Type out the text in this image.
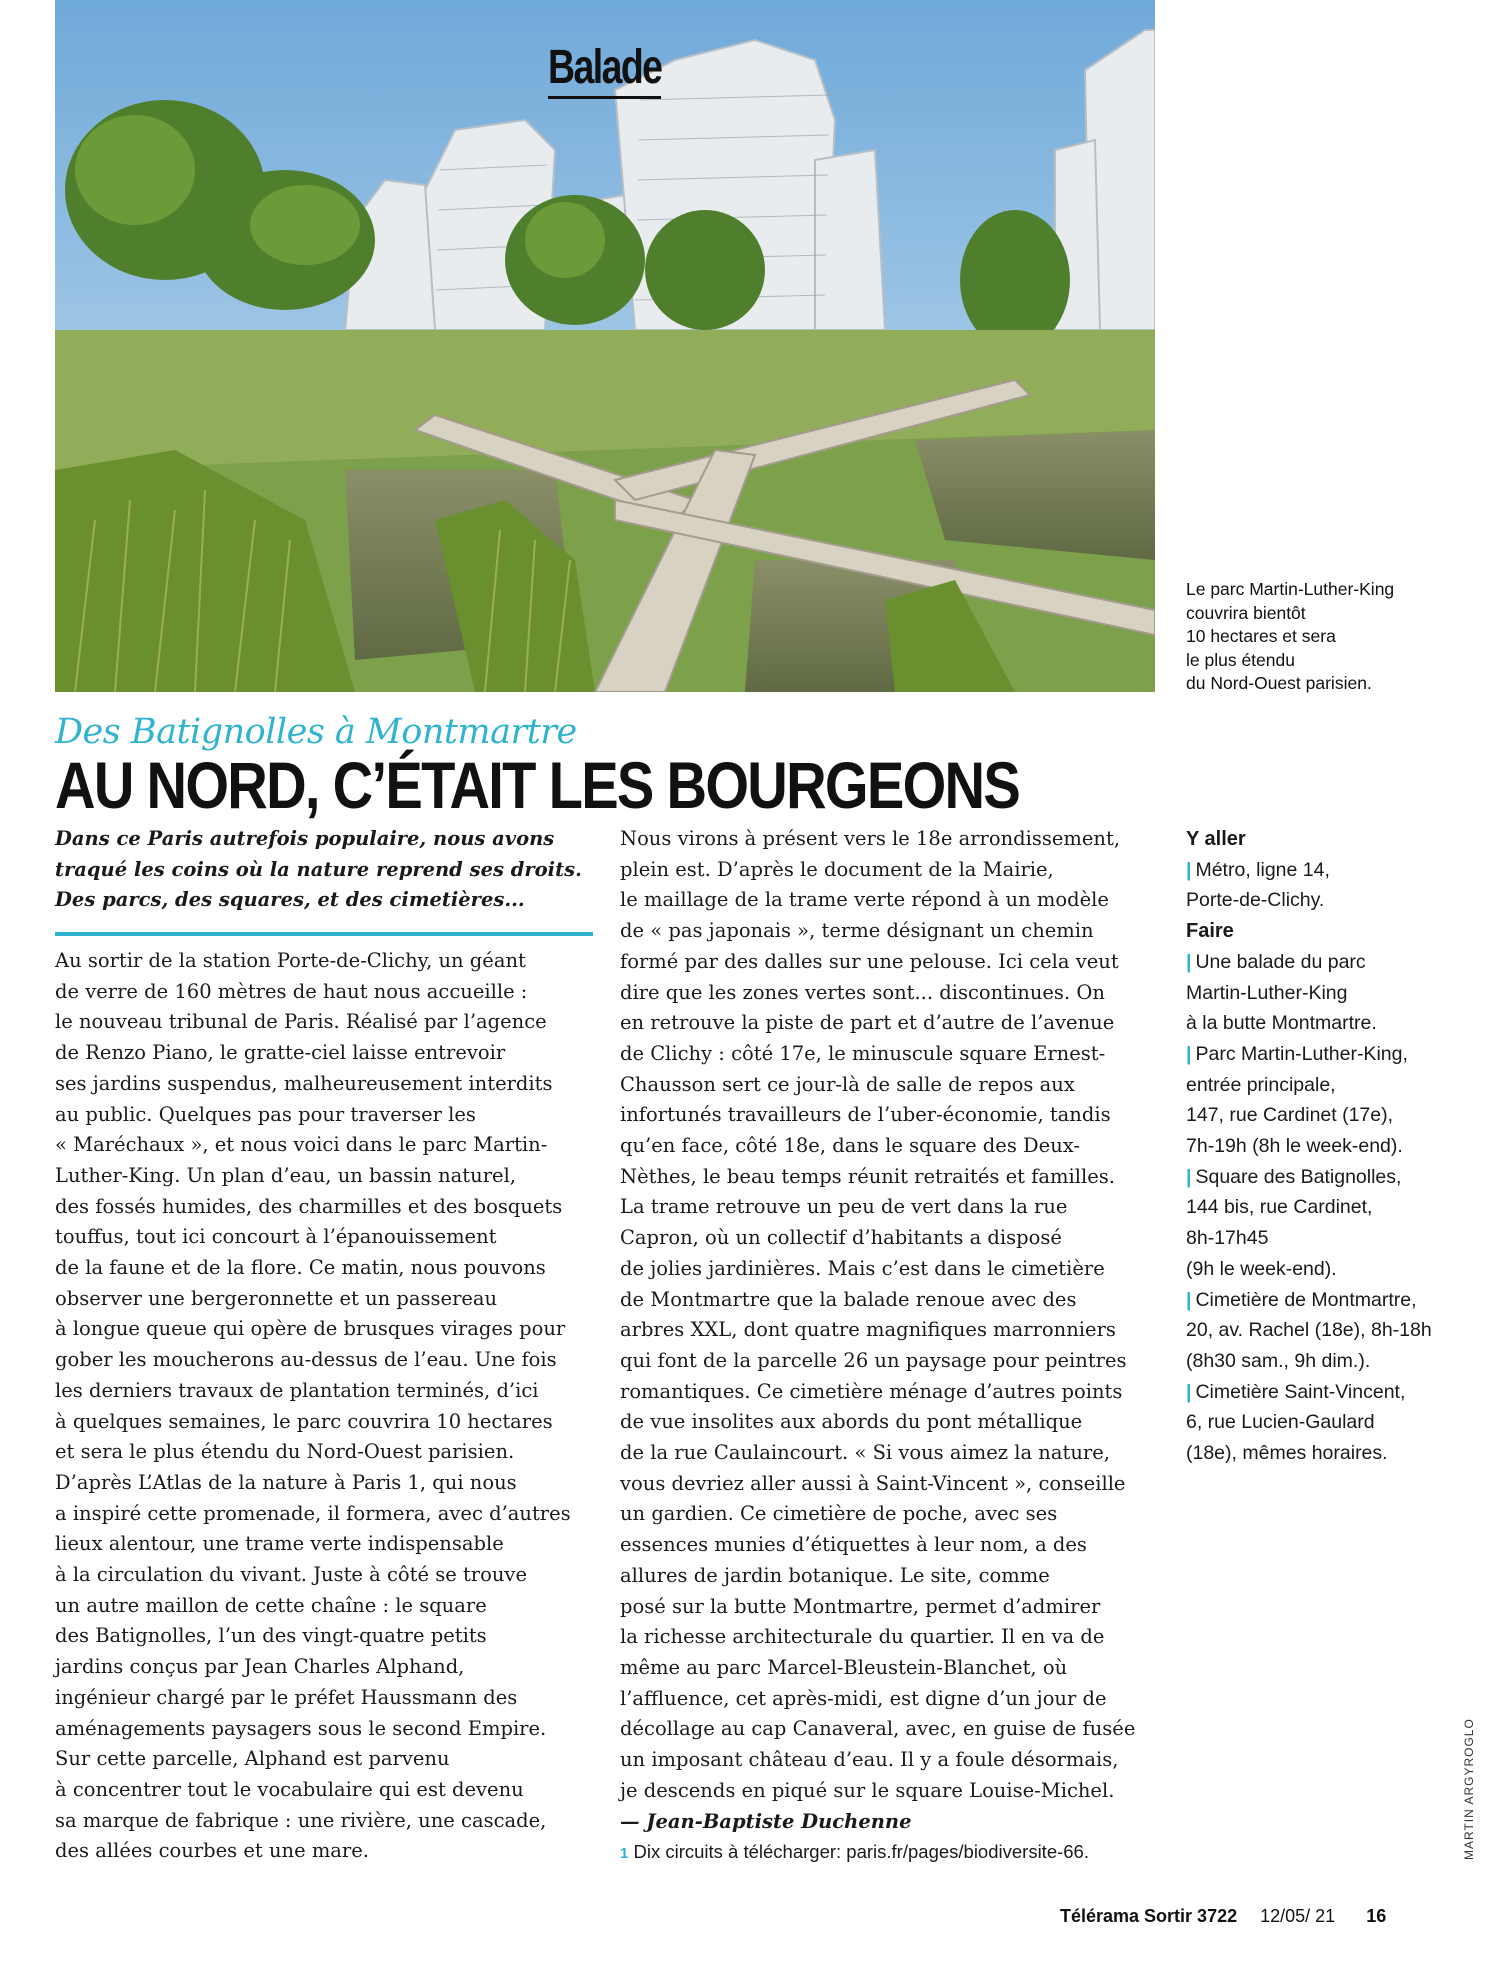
Balade
Le parc Martin-Luther-King
couvrira bientôt
10 hectares et sera
le plus étendu
du Nord-Ouest parisien.
Des Batignolles à Montmartre
AU NORD, C’ÉTAIT LES BOURGEONS
Dans ce Paris autrefois populaire, nous avons
traqué les coins où la nature reprend ses droits.
Des parcs, des squares, et des cimetières...
Au sortir de la station Porte-de-Clichy, un géant
de verre de 160 mètres de haut nous accueille :
le nouveau tribunal de Paris. Réalisé par l’agence
de Renzo Piano, le gratte-ciel laisse entrevoir
ses jardins suspendus, malheureusement interdits
au public. Quelques pas pour traverser les
« Maréchaux », et nous voici dans le parc Martin-
Luther-King. Un plan d’eau, un bassin naturel,
des fossés humides, des charmilles et des bosquets
touffus, tout ici concourt à l’épanouissement
de la faune et de la flore. Ce matin, nous pouvons
observer une bergeronnette et un passereau
à longue queue qui opère de brusques virages pour
gober les moucherons au-dessus de l’eau. Une fois
les derniers travaux de plantation terminés, d’ici
à quelques semaines, le parc couvrira 10 hectares
et sera le plus étendu du Nord-Ouest parisien.
D’après L’Atlas de la nature à Paris 1, qui nous
a inspiré cette promenade, il formera, avec d’autres
lieux alentour, une trame verte indispensable
à la circulation du vivant. Juste à côté se trouve
un autre maillon de cette chaîne : le square
des Batignolles, l’un des vingt-quatre petits
jardins conçus par Jean Charles Alphand,
ingénieur chargé par le préfet Haussmann des
aménagements paysagers sous le second Empire.
Sur cette parcelle, Alphand est parvenu
à concentrer tout le vocabulaire qui est devenu
sa marque de fabrique : une rivière, une cascade,
des allées courbes et une mare.
Nous virons à présent vers le 18e arrondissement,
plein est. D’après le document de la Mairie,
le maillage de la trame verte répond à un modèle
de « pas japonais », terme désignant un chemin
formé par des dalles sur une pelouse. Ici cela veut
dire que les zones vertes sont... discontinues. On
en retrouve la piste de part et d’autre de l’avenue
de Clichy : côté 17e, le minuscule square Ernest-
Chausson sert ce jour-là de salle de repos aux
infortunés travailleurs de l’uber-économie, tandis
qu’en face, côté 18e, dans le square des Deux-
Nèthes, le beau temps réunit retraités et familles.
La trame retrouve un peu de vert dans la rue
Capron, où un collectif d’habitants a disposé
de jolies jardinières. Mais c’est dans le cimetière
de Montmartre que la balade renoue avec des
arbres XXL, dont quatre magnifiques marronniers
qui font de la parcelle 26 un paysage pour peintres
romantiques. Ce cimetière ménage d’autres points
de vue insolites aux abords du pont métallique
de la rue Caulaincourt. « Si vous aimez la nature,
vous devriez aller aussi à Saint-Vincent », conseille
un gardien. Ce cimetière de poche, avec ses
essences munies d’étiquettes à leur nom, a des
allures de jardin botanique. Le site, comme
posé sur la butte Montmartre, permet d’admirer
la richesse architecturale du quartier. Il en va de
même au parc Marcel-Bleustein-Blanchet, où
l’affluence, cet après-midi, est digne d’un jour de
décollage au cap Canaveral, avec, en guise de fusée
un imposant château d’eau. Il y a foule désormais,
je descends en piqué sur le square Louise-Michel.
— Jean-Baptiste Duchenne
1 Dix circuits à télécharger: paris.fr/pages/biodiversite-66.
Y aller
| Métro, ligne 14,
Porte-de-Clichy.
Faire
| Une balade du parc
Martin-Luther-King
à la butte Montmartre.
| Parc Martin-Luther-King,
entrée principale,
147, rue Cardinet (17e),
7h-19h (8h le week-end).
| Square des Batignolles,
144 bis, rue Cardinet,
8h-17h45
(9h le week-end).
| Cimetière de Montmartre,
20, av. Rachel (18e), 8h-18h
(8h30 sam., 9h dim.).
| Cimetière Saint-Vincent,
6, rue Lucien-Gaulard
(18e), mêmes horaires.
MARTIN ARGYROGLO
Télérama Sortir 3722 12/05/ 21 16
